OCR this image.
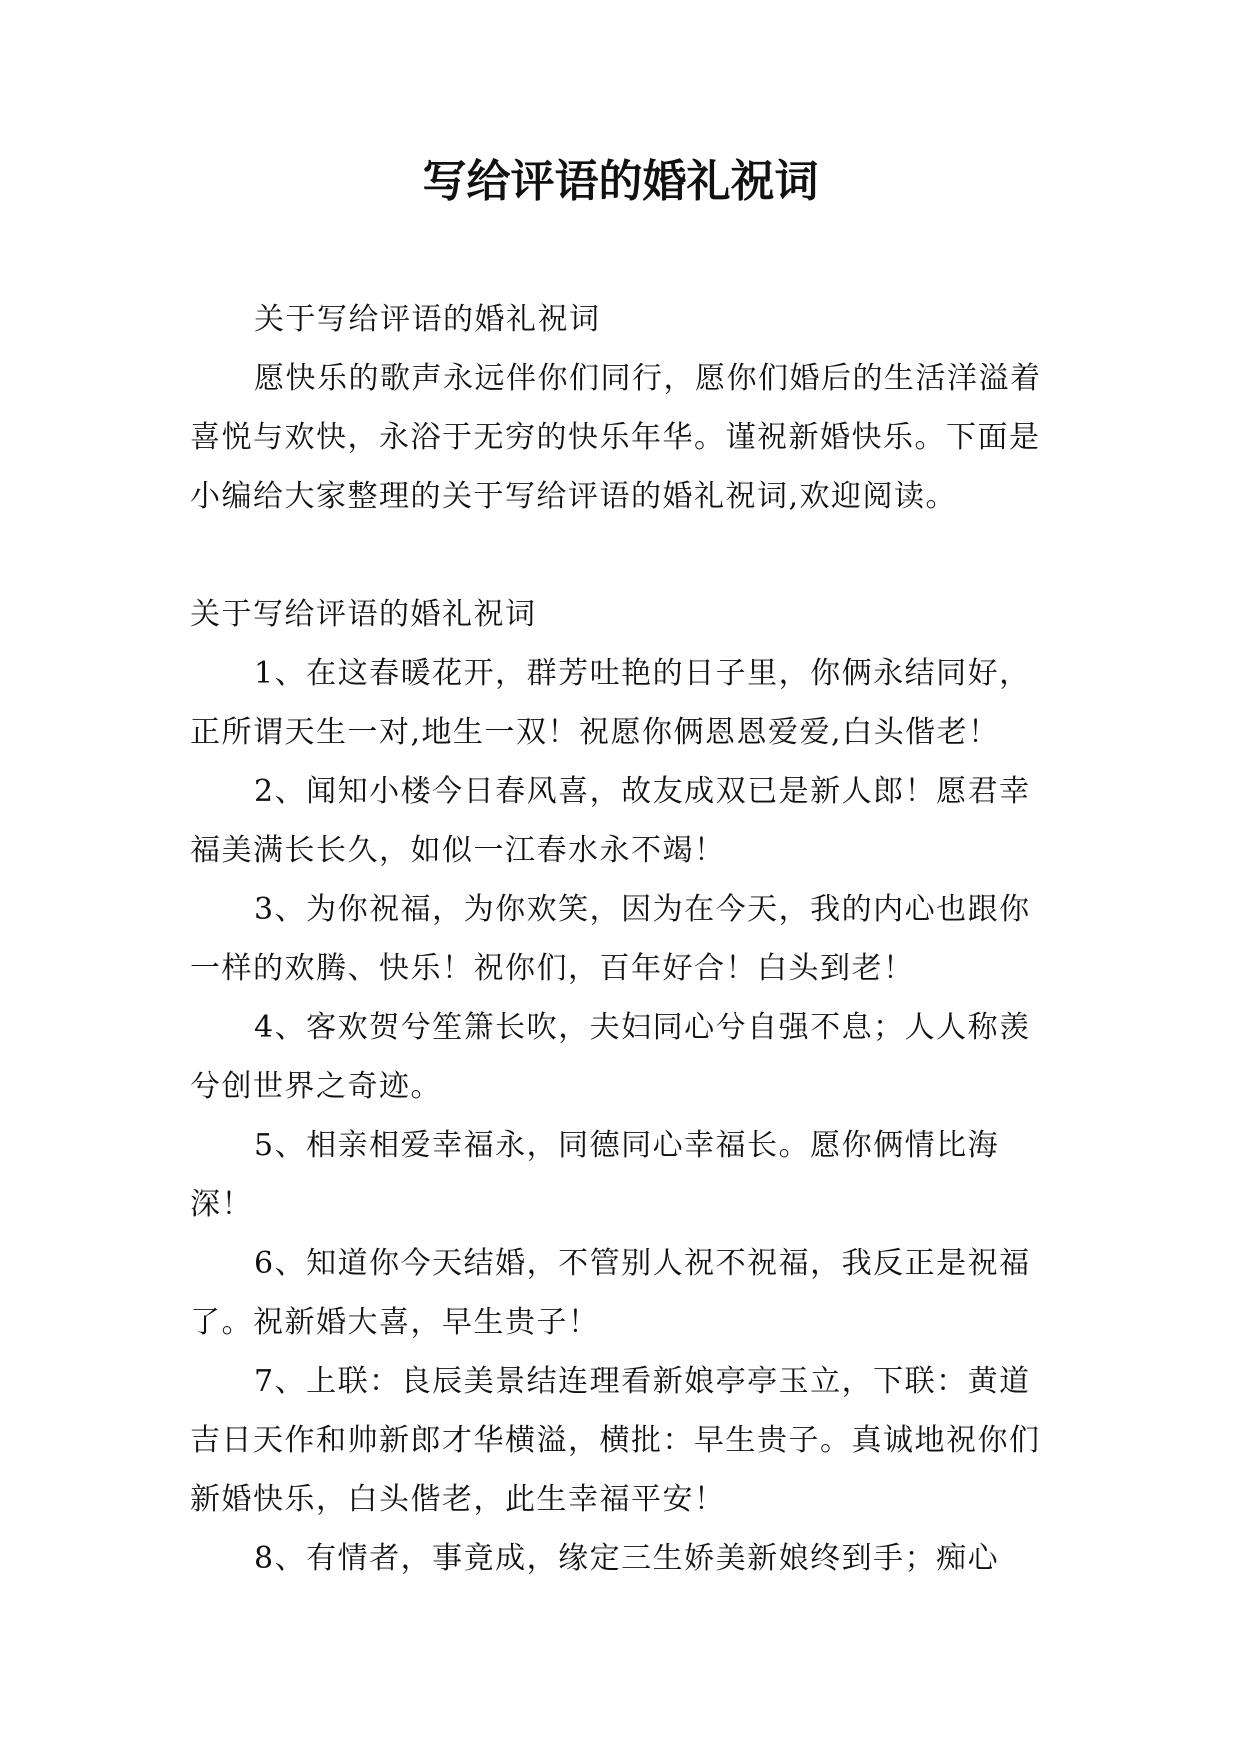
写给评语的婚礼祝词

关于写给评语的婚礼祝词

愿快乐的歌声永远伴你们同行，愿你们婚后的生活洋溢着喜悦与欢快，永浴于无穷的快乐年华。谨祝新婚快乐。下面是小编给大家整理的关于写给评语的婚礼祝词,欢迎阅读。

关于写给评语的婚礼祝词

1、在这春暖花开，群芳吐艳的日子里，你俩永结同好，正所谓天生一对,地生一双！祝愿你俩恩恩爱爱,白头偕老！

2、闻知小楼今日春风喜，故友成双已是新人郎！愿君幸福美满长长久，如似一江春水永不竭！

3、为你祝福，为你欢笑，因为在今天，我的内心也跟你一样的欢腾、快乐！祝你们，百年好合！白头到老！

4、客欢贺兮笙箫长吹，夫妇同心兮自强不息；人人称羡兮创世界之奇迹。

5、相亲相爱幸福永，同德同心幸福长。愿你俩情比海深！

6、知道你今天结婚，不管别人祝不祝福，我反正是祝福了。祝新婚大喜，早生贵子！

7、上联：良辰美景结连理看新娘亭亭玉立，下联：黄道吉日天作和帅新郎才华横溢，横批：早生贵子。真诚地祝你们新婚快乐，白头偕老，此生幸福平安！

8、有情者，事竟成，缘定三生娇美新娘终到手；痴心
